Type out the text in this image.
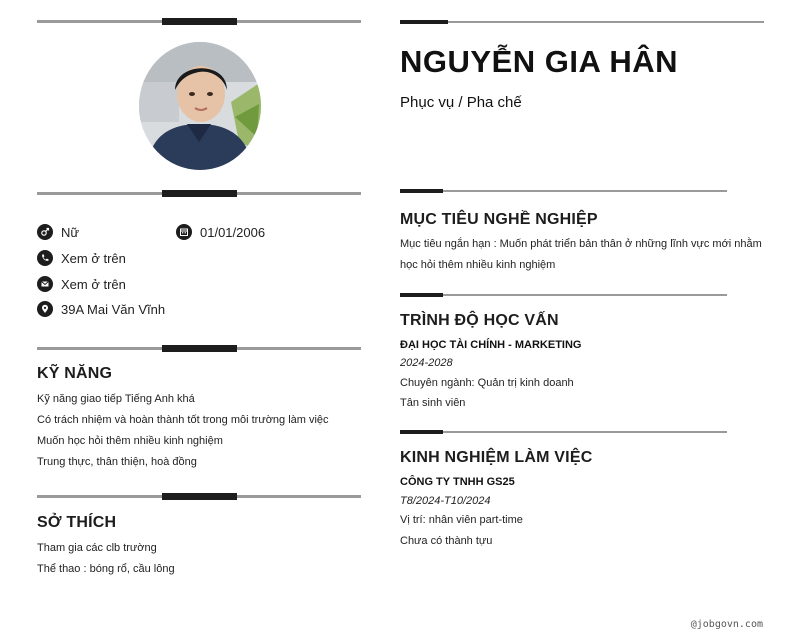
Nữ	01/01/2006
Xem ở trên
Xem ở trên
39A Mai Văn Vĩnh
KỸ NĂNG
Kỹ năng giao tiếp Tiếng Anh khá
Có trách nhiệm và hoàn thành tốt trong môi trường làm việc
Muốn học hỏi thêm nhiều kinh nghiệm
Trung thực, thân thiện, hoà đồng
SỞ THÍCH
Tham gia các clb trường
Thể thao : bóng rổ, cầu lông
NGUYỄN GIA HÂN
Phục vụ / Pha chế
MỤC TIÊU NGHỀ NGHIỆP
Mục tiêu ngắn hạn : Muốn phát triển bản thân ở những lĩnh vực mới nhằm học hỏi thêm nhiều kinh nghiệm
TRÌNH ĐỘ HỌC VẤN
ĐẠI HỌC TÀI CHÍNH - MARKETING
2024-2028
Chuyên ngành: Quản trị kinh doanh
Tân sinh viên
KINH NGHIỆM LÀM VIỆC
CÔNG TY TNHH GS25
T8/2024-T10/2024
Vị trí: nhân viên part-time
Chưa có thành tựu
@jobgovn.com
